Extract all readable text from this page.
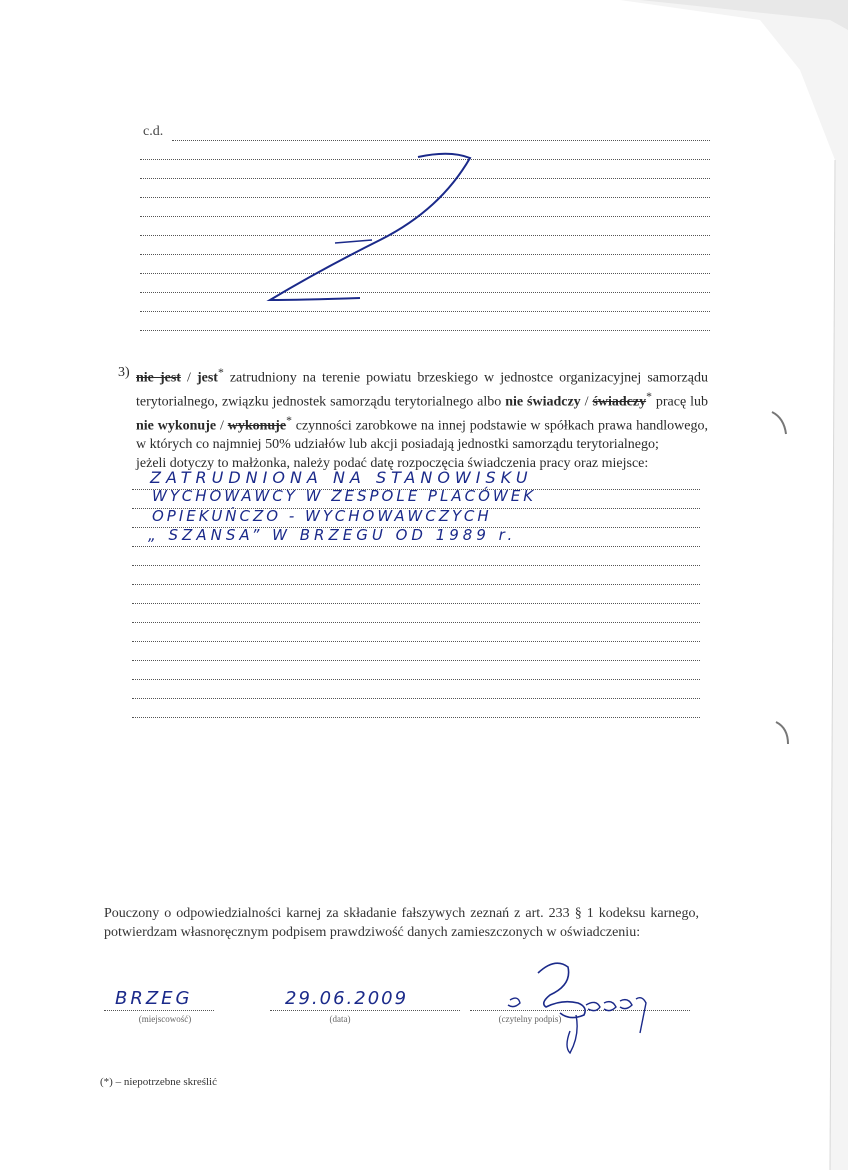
c.d.
3) nie jest / jest* zatrudniony na terenie powiatu brzeskiego w jednostce organizacyjnej samorządu terytorialnego, związku jednostek samorządu terytorialnego albo nie świadczy / świadczy* pracę lub nie wykonuje / wykonuje* czynności zarobkowe na innej podstawie w spółkach prawa handlowego, w których co najmniej 50% udziałów lub akcji posiadają jednostki samorządu terytorialnego;
jeżeli dotyczy to małżonka, należy podać datę rozpoczęcia świadczenia pracy oraz miejsce:
ZATRUDNIONA NA STANOWISKU
WYCHOWAWCY W ZESPOLE PLACÓWEK
OPIEKUŃCZO - WYCHOWAWCZYCH
„ SZANSA” W BRZEGU OD 1989 r.
Pouczony o odpowiedzialności karnej za składanie fałszywych zeznań z art. 233 § 1 kodeksu karnego, potwierdzam własnoręcznym podpisem prawdziwość danych zamieszczonych w oświadczeniu:
BRZEG
(miejscowość)
29.06.2009
(data)	(czytelny podpis)
(*) – niepotrzebne skreślić
